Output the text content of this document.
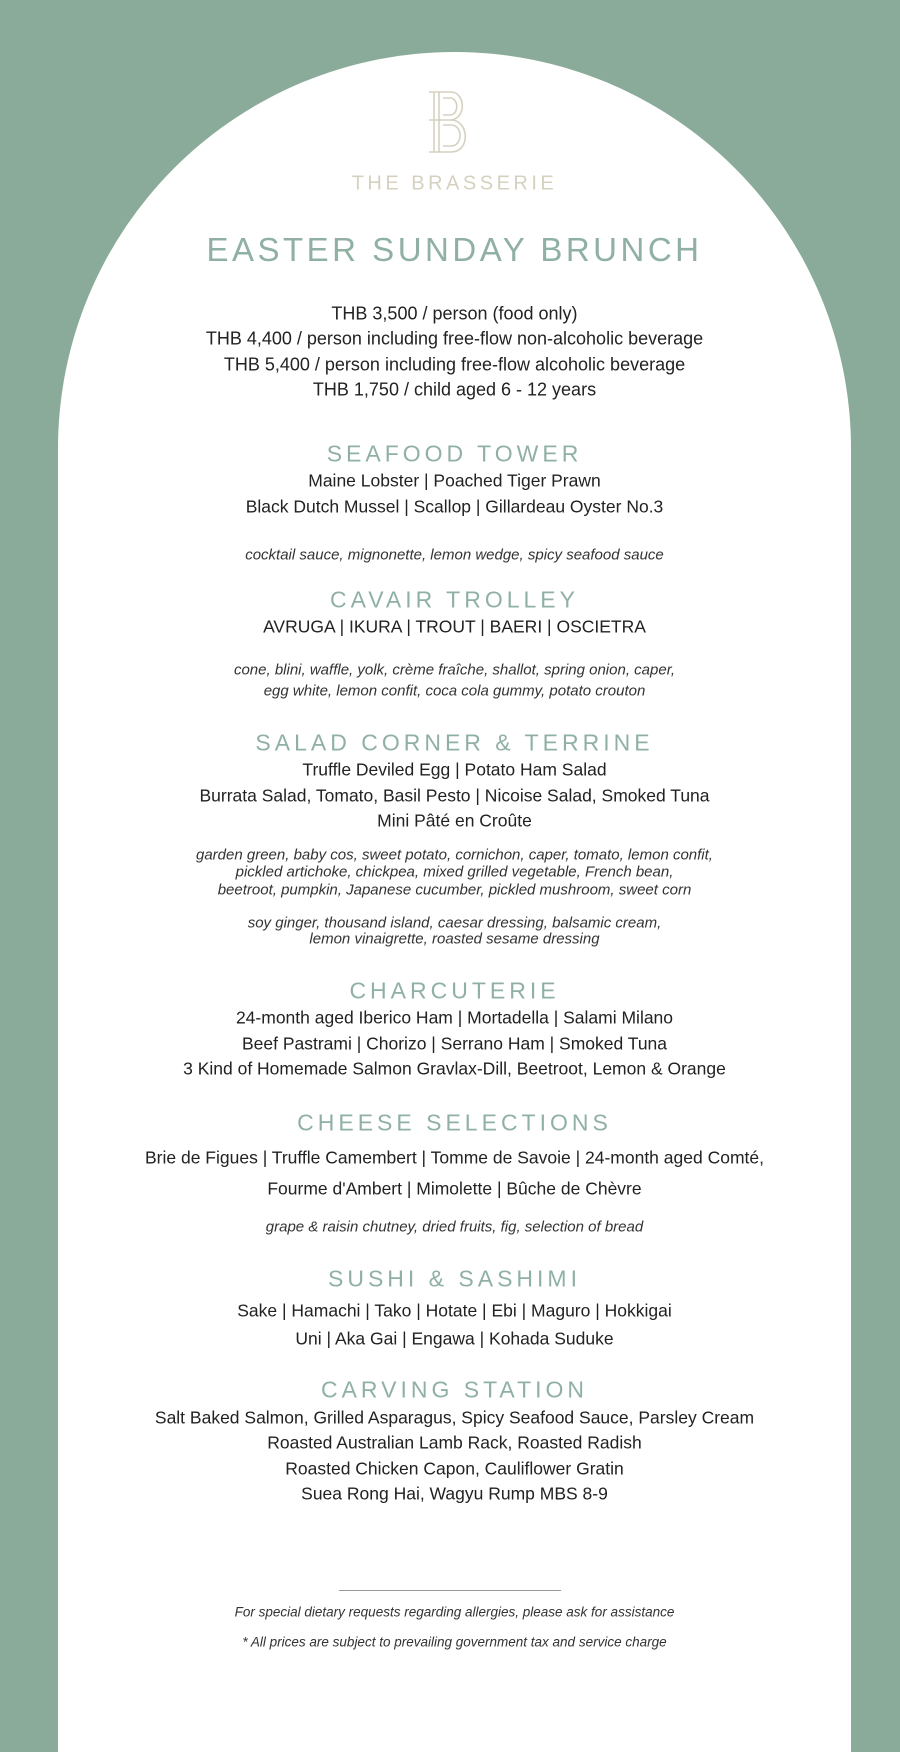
THE BRASSERIE
EASTER SUNDAY BRUNCH
THB 3,500 / person (food only)
THB 4,400 / person including free-flow non-alcoholic beverage
THB 5,400 / person including free-flow alcoholic beverage
THB 1,750 / child aged 6 - 12 years
SEAFOOD TOWER
Maine Lobster | Poached Tiger Prawn
Black Dutch Mussel | Scallop | Gillardeau Oyster No.3
cocktail sauce, mignonette, lemon wedge, spicy seafood sauce
CAVAIR TROLLEY
AVRUGA | IKURA | TROUT | BAERI | OSCIETRA
cone, blini, waffle, yolk, crème fraîche, shallot, spring onion, caper,
egg white, lemon confit, coca cola gummy, potato crouton
SALAD CORNER & TERRINE
Truffle Deviled Egg | Potato Ham Salad
Burrata Salad, Tomato, Basil Pesto | Nicoise Salad, Smoked Tuna
Mini Pâté en Croûte
garden green, baby cos, sweet potato, cornichon, caper, tomato, lemon confit,
pickled artichoke, chickpea, mixed grilled vegetable, French bean,
beetroot, pumpkin, Japanese cucumber, pickled mushroom, sweet corn
soy ginger, thousand island, caesar dressing, balsamic cream,
lemon vinaigrette, roasted sesame dressing
CHARCUTERIE
24-month aged Iberico Ham | Mortadella | Salami Milano
Beef Pastrami | Chorizo | Serrano Ham | Smoked Tuna
3 Kind of Homemade Salmon Gravlax-Dill, Beetroot, Lemon & Orange
CHEESE SELECTIONS
Brie de Figues | Truffle Camembert | Tomme de Savoie | 24-month aged Comté,
Fourme d'Ambert | Mimolette | Bûche de Chèvre
grape & raisin chutney, dried fruits, fig, selection of bread
SUSHI & SASHIMI
Sake | Hamachi | Tako | Hotate | Ebi | Maguro | Hokkigai
Uni | Aka Gai | Engawa | Kohada Suduke
CARVING STATION
Salt Baked Salmon, Grilled Asparagus, Spicy Seafood Sauce, Parsley Cream
Roasted Australian Lamb Rack, Roasted Radish
Roasted Chicken Capon, Cauliflower Gratin
Suea Rong Hai, Wagyu Rump MBS 8-9
For special dietary requests regarding allergies, please ask for assistance
* All prices are subject to prevailing government tax and service charge
